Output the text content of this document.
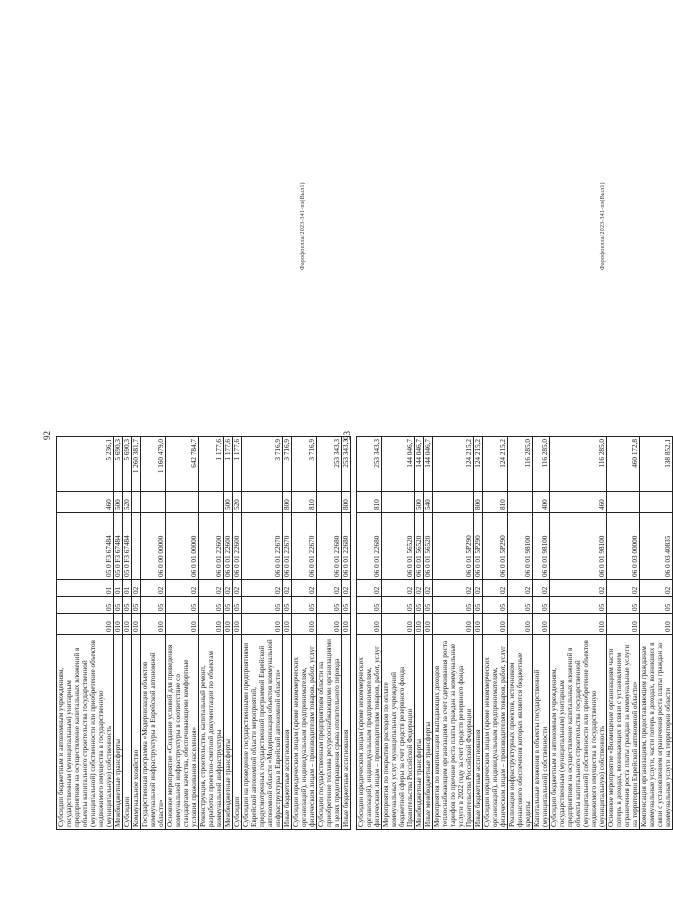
92
Субсидии бюджетным и автономным учреждениям, государственным (муниципальным) унитарным предприятиям на осуществление капитальных вложений в объекты капитального строительства государственной (муниципальной) собственности или приобретение объектов недвижимого имущества в государственную (муниципальную) собственность	010	05	01	05 0 F3 67484	460	5 236,1
Межбюджетные трансферты	010	05	01	05 0 F3 67484	500	5 690,3
Субсидии	010	05	01	05 0 F3 67484	520	5 690,3
Коммунальное хозяйство	010	05	02			1 260 381,7
Государственная программа «Модернизация объектов коммунальной инфраструктуры в Еврейской автономной области»	010	05	02	06 0 00 00000		1 160 479,0
Основное мероприятие «Создание условий для приведения коммунальной инфраструктуры в соответствие со стандартами качества, обеспечивающими комфортные условия проживания населения»	010	05	02	06 0 01 00000		642 784,7
Реконструкция, строительство, капитальный ремонт, разработка проектно-сметной документации по объектам коммунальной инфраструктуры	010	05	02	06 0 01 22600		1 177,6
Межбюджетные трансферты	010	05	02	06 0 01 22600	500	1 177,6
Субсидии	010	05	02	06 0 01 22600	520	1 177,6
Субсидии на проведение государственными предприятиями Еврейской автономной области мероприятий, предусмотренных государственной программой Еврейской автономной области «Модернизация объектов коммунальной инфраструктуры в Еврейской автономной области»	010	05	02	06 0 01 22670		3 716,9
Иные бюджетные ассигнования	010	05	02	06 0 01 22670	800	3 716,9
Субсидии юридическим лицам (кроме некоммерческих организаций), индивидуальным предпринимателям, физическим лицам – производителям товаров, работ, услуг	010	05	02	06 0 01 22670	810	3 716,9
Субсидии государственным предприятиям области на приобретение топлива ресурсоснабжающими организациями в целях предотвращения срыва отопительного периода	010	05	02	06 0 01 22680		253 343,3
Иные бюджетные ассигнования	010	05	02	06 0 01 22680	800	253 343,3
Фарофоелла/2023-341-пэ(Выл1)
93
Субсидии юридическим лицам (кроме некоммерческих организаций), индивидуальным предпринимателям, физическим лицам – производителям товаров, работ, услуг	010	05	02	06 0 01 22680	810	253 343,3
Мероприятия по покрытию расходов по оплате коммунальных услуг муниципальных учреждений бюджетной сферы за счет средств резервного фонда Правительства Российской Федерации	010	05	02	06 0 01 56520		144 046,7
Межбюджетные трансферты	010	05	02	06 0 01 56520	500	144 046,7
Иные межбюджетные трансферты	010	05	02	06 0 01 56520	540	144 046,7
Мероприятия по компенсации выпадающих доходов теплоснабжающим организациям за счет сдерживания роста тарифов по причине роста платы граждан за коммунальные услуги в 2022 году за счет средств резервного фонда Правительства Российской Федерации	010	05	02	06 0 01 5P290		124 215,2
Иные бюджетные ассигнования	010	05	02	06 0 01 5P290	800	124 215,2
Субсидии юридическим лицам (кроме некоммерческих организаций), индивидуальным предпринимателям, физическим лицам – производителям товаров, работ, услуг	010	05	02	06 0 01 5P290	810	124 215,2
Реализация инфраструктурных проектов, источником финансового обеспечения которых являются бюджетные кредиты	010	05	02	06 0 01 98100		116 285,0
Капитальные вложения в объекты государственной (муниципальной) собственности	010	05	02	06 0 01 98100	400	116 285,0
Субсидии бюджетным и автономным учреждениям, государственным (муниципальным) унитарным предприятиям на осуществление капитальных вложений в объекты капитального строительства государственной (муниципальной) собственности или приобретение объектов недвижимого имущества в государственную (муниципальную) собственность	010	05	02	06 0 01 98100	460	116 285,0
Основное мероприятие «Возмещение организациям части потерь в доходах, возникающих в связи с установлением ограничения роста платы граждан за коммунальные услуги на территории Еврейской автономной области»	010	05	02	06 0 03 00000		460 172,8
Компенсация организациям, предоставляющим гражданам коммунальные услуги, части потерь в доходах, возникших в связи с установлением ограничения роста платы граждан за коммунальные услуги на территории области	010	05	02	06 0 03 40835		138 852,1
Фарофоелла/2023-341-пэ(Выл1)
